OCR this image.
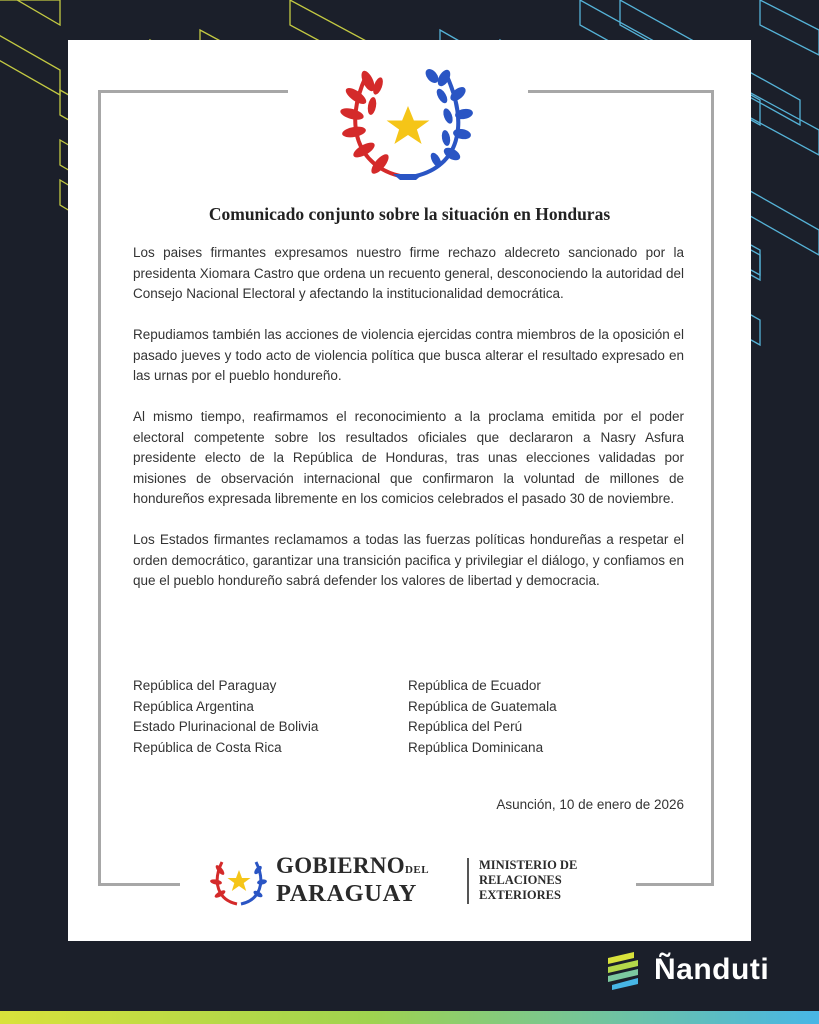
Comunicado conjunto sobre la situación en Honduras

Los paises firmantes expresamos nuestro firme rechazo aldecreto sancionado por la presidenta Xiomara Castro que ordena un recuento general, desconociendo la autoridad del Consejo Nacional Electoral y afectando la institucionalidad democrática.

Repudiamos también las acciones de violencia ejercidas contra miembros de la oposición el pasado jueves y todo acto de violencia política que busca alterar el resultado expresado en las urnas por el pueblo hondureño.

Al mismo tiempo, reafirmamos el reconocimiento a la proclama emitida por el poder electoral competente sobre los resultados oficiales que declararon a Nasry Asfura presidente electo de la República de Honduras, tras unas elecciones validadas por misiones de observación internacional que confirmaron la voluntad de millones de hondureños expresada libremente en los comicios celebrados el pasado 30 de noviembre.

Los Estados firmantes reclamamos a todas las fuerzas políticas hondureñas a respetar el orden democrático, garantizar una transición pacifica y privilegiar el diálogo, y confiamos en que el pueblo hondureño sabrá defender los valores de libertad y democracia.

República del Paraguay
República Argentina
Estado Plurinacional de Bolivia
República de Costa Rica
República de Ecuador
República de Guatemala
República del Perú
República Dominicana
Asunción, 10 de enero de 2026
GOBIERNODEL
PARAGUAY
MINISTERIO DE
RELACIONES
EXTERIORES
Ñanduti
